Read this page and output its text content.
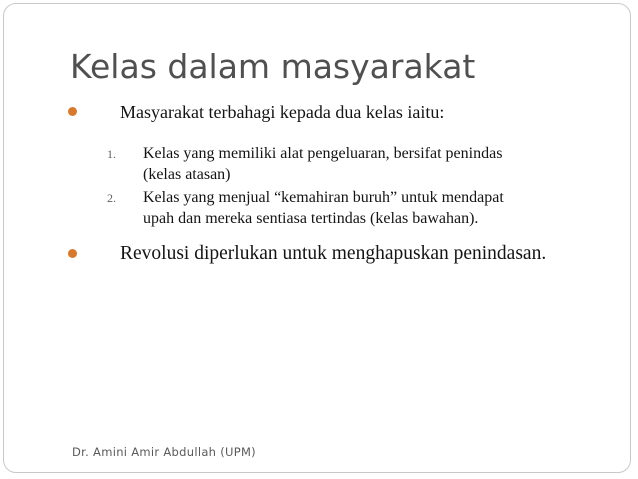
Kelas dalam masyarakat

Masyarakat terbahagi kepada dua kelas iaitu:

1. Kelas yang memiliki alat pengeluaran, bersifat penindas

(kelas atasan)

2. Kelas yang menjual “kemahiran buruh” untuk mendapat

upah dan mereka sentiasa tertindas (kelas bawahan).

Revolusi diperlukan untuk menghapuskan penindasan.

Dr. Amini Amir Abdullah (UPM)
